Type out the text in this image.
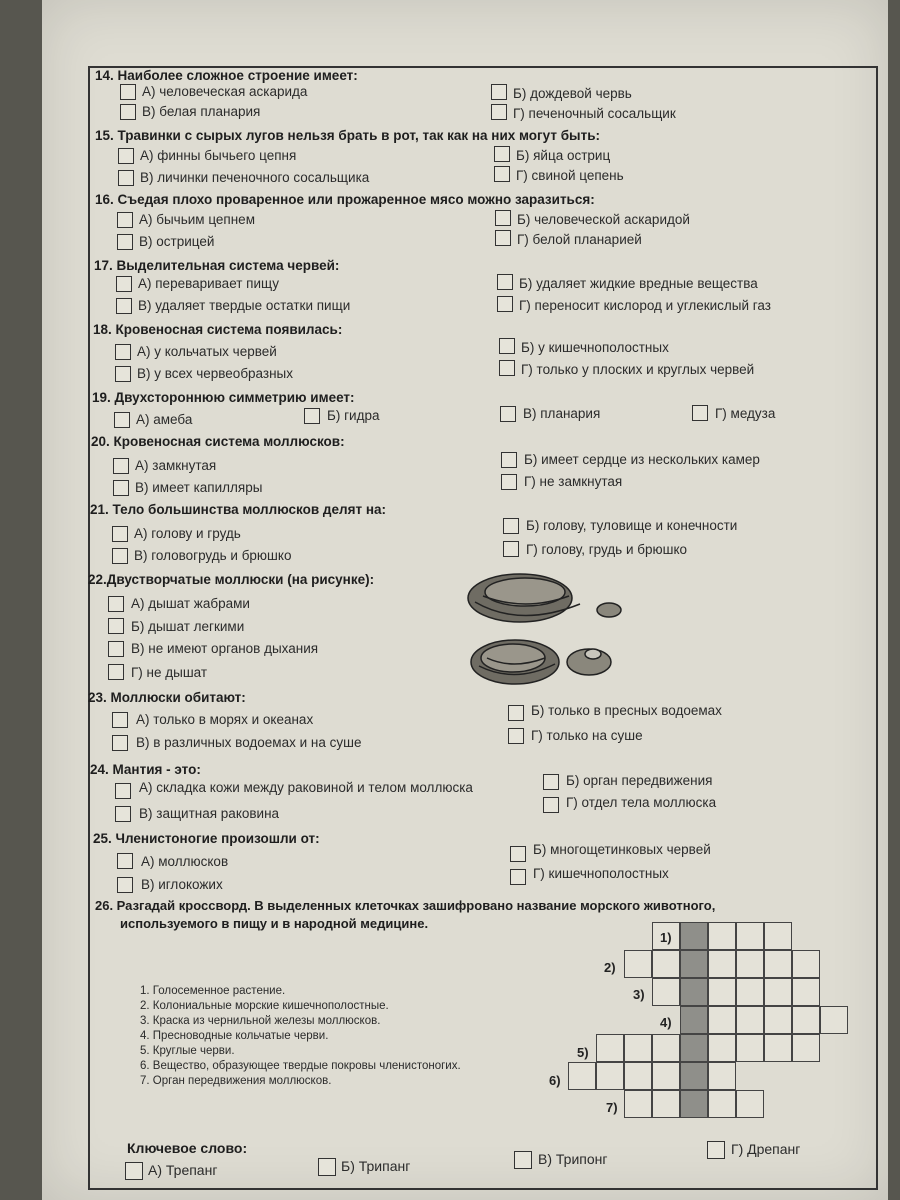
14. Наиболее сложное строение имеет:
А) человеческая аскарида	Б) дождевой червь
В) белая планария	Г) печеночный сосальщик
15. Травинки с сырых лугов нельзя брать в рот, так как на них могут быть:
А) финны бычьего цепня	Б) яйца остриц
В) личинки печеночного сосальщика	Г) свиной цепень
16. Съедая плохо проваренное или прожаренное мясо можно заразиться:
А) бычьим цепнем	Б) человеческой аскаридой
В) острицей	Г) белой планарией
17. Выделительная система червей:
А) переваривает пищу	Б) удаляет жидкие вредные вещества
В) удаляет твердые остатки пищи	Г) переносит кислород и углекислый газ
18. Кровеносная система появилась:
А) у кольчатых червей	Б) у кишечнополостных
В) у всех червеобразных	Г) только у плоских и круглых червей
19. Двухстороннюю симметрию имеет:
А) амеба	Б) гидра	В) планария	Г) медуза
20. Кровеносная система моллюсков:
А) замкнутая	Б) имеет сердце из нескольких камер
В) имеет капилляры	Г) не замкнутая
21. Тело большинства моллюсков делят на:
А) голову и грудь
Б) голову, туловище и конечности
В) головогрудь и брюшко	Г) голову, грудь и брюшко
22.Двустворчатые моллюски (на рисунке):
А) дышат жабрами
Б) дышат легкими
В) не имеют органов дыхания
Г) не дышат
23. Моллюски обитают:
А) только в морях и океанах
Б) только в пресных водоемах
В) в различных водоемах и на суше	Г) только на суше
24. Мантия - это:
А) складка кожи между раковиной и телом моллюска	Б) орган передвижения
В) защитная раковина
Г) отдел тела моллюска
25. Членистоногие произошли от:
А) моллюсков
Б) многощетинковых червей
В) иглокожих
Г) кишечнополостных
26. Разгадай кроссворд. В выделенных клеточках зашифровано название морского животного,
используемого в пищу и в народной медицине.
1. Голосеменное растение.
2. Колониальные морские кишечнополостные.
3. Краска из чернильной железы моллюсков.
4. Пресноводные кольчатые черви.
5. Круглые черви.
6. Вещество, образующее твердые покровы членистоногих.
7. Орган передвижения моллюсков.
1)
2)
3)
4)
5)
6)
7)
Ключевое слово:
А) Трепанг	Б) Трипанг	В) Трипонг
Г) Дрепанг
